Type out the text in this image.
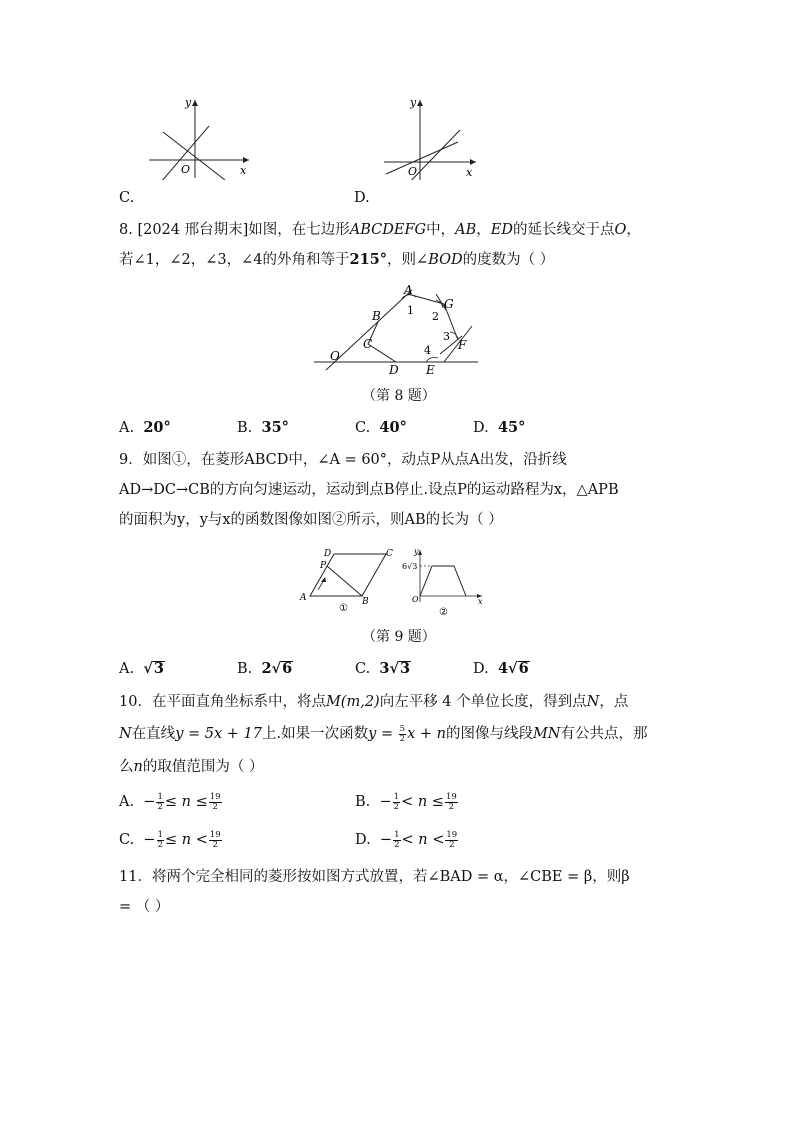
y
x
O
C.
y
x
O
D.
8. [2024 邢台期末]如图，在七边形ABCDEFG中，AB，ED的延长线交于点O，
若∠1，∠2，∠3，∠4的外角和等于215°，则∠BOD的度数为（ ）
O
B
A
G
F
C
D E
1 2
3
4
（第 8 题）
A. 20°	B. 35°	C. 40°	D. 45°
9．如图①，在菱形ABCD中，∠A = 60°，动点P从点A出发，沿折线
AD→DC→CB的方向匀速运动，运动到点B停止.设点P的运动路程为x，△APB
的面积为y，y与x的函数图像如图②所示，则AB的长为（ ）
A	B
D	C
P
①
y
x
O
6√3
②
（第 9 题）
A. √3	B. 2√6	C. 3√3	D. 4√6
10．在平面直角坐标系中，将点M(m,2)向左平移 4 个单位长度，得到点N，点
N在直线y = 5x + 17上.如果一次函数$y = \frac{5}{2}$ x + n的图像与线段MN有公共点，那
么n的取值范围为（ ）
A.  − $\frac{1}{2} \le n \le \frac{19}{2}$	B.  − $\frac{1}{2} < n \le \frac{19}{2}$
C.  − $\frac{1}{2} \le n < \frac{19}{2}$	D.  − $\frac{1}{2} < n < \frac{19}{2}$
11．将两个完全相同的菱形按如图方式放置，若∠BAD = α，∠CBE = β，则β
= （ ）
